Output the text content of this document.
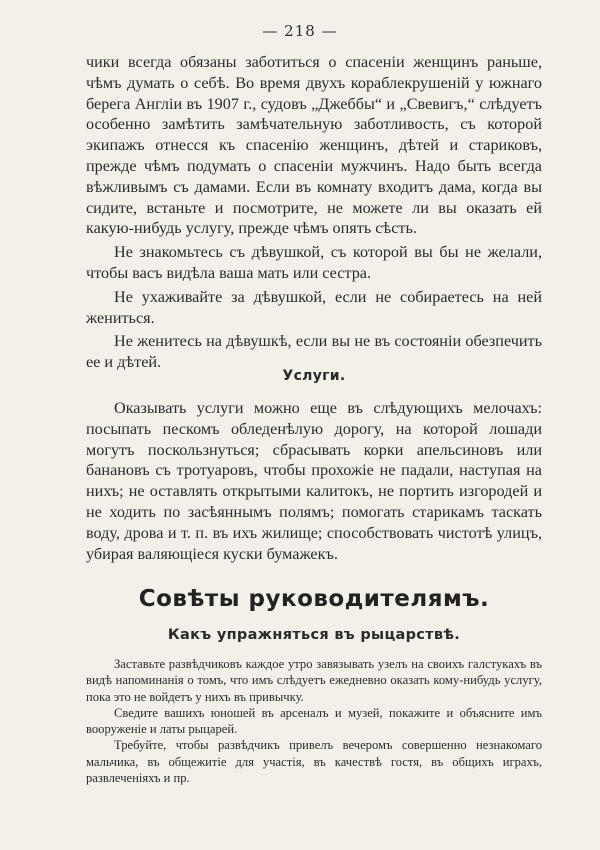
— 218 —

чики всегда обязаны заботиться о спасенiи женщинъ раньше, чѣмъ думать о себѣ. Во время двухъ кораблекрушенiй у южнаго берега Англiи въ 1907 г., судовъ „Джеббы“ и „Свевигъ,“ слѣдуетъ особенно замѣтить замѣчательную заботливость, съ которой экипажъ отнесся къ спасенiю женщинъ, дѣтей и стариковъ, прежде чѣмъ подумать о спасенiи мужчинъ. Надо быть всегда вѣжливымъ съ дамами. Если въ комнату входитъ дама, когда вы сидите, встаньте и посмотрите, не можете ли вы оказать ей какую-нибудь услугу, прежде чѣмъ опять сѣсть.

Не знакомьтесь съ дѣвушкой, съ которой вы бы не желали, чтобы васъ видѣла ваша мать или сестра.

Не ухаживайте за дѣвушкой, если не собираетесь на ней жениться.

Не женитесь на дѣвушкѣ, если вы не въ состоянiи обезпечить ее и дѣтей.

Услуги.

Оказывать услуги можно еще въ слѣдующихъ мелочахъ: посыпать пескомъ обледенѣлую дорогу, на которой лошади могутъ поскользнуться; сбрасывать корки апельсиновъ или банановъ съ тротуаровъ, чтобы прохожiе не падали, наступая на нихъ; не оставлять открытыми калитокъ, не портить изгородей и не ходить по засѣяннымъ полямъ; помогать старикамъ таскать воду, дрова и т. п. въ ихъ жилище; способствовать чистотѣ улицъ, убирая валяющiеся куски бумажекъ.

Совѣты руководителямъ.
Какъ упражняться въ рыцарствѣ.

Заставьте развѣдчиковъ каждое утро завязывать узелъ на своихъ галстукахъ въ видѣ напоминанiя о томъ, что имъ слѣдуетъ ежедневно оказать кому-нибудь услугу, пока это не войдетъ у нихъ въ привычку.

Сведите вашихъ юношей въ арсеналъ и музей, покажите и объясните имъ вооруженiе и латы рыцарей.

Требуйте, чтобы развѣдчикъ привелъ вечеромъ совершенно незнакомаго мальчика, въ общежитiе для участiя, въ качествѣ гостя, въ общихъ играхъ, развлеченiяхъ и пр.
